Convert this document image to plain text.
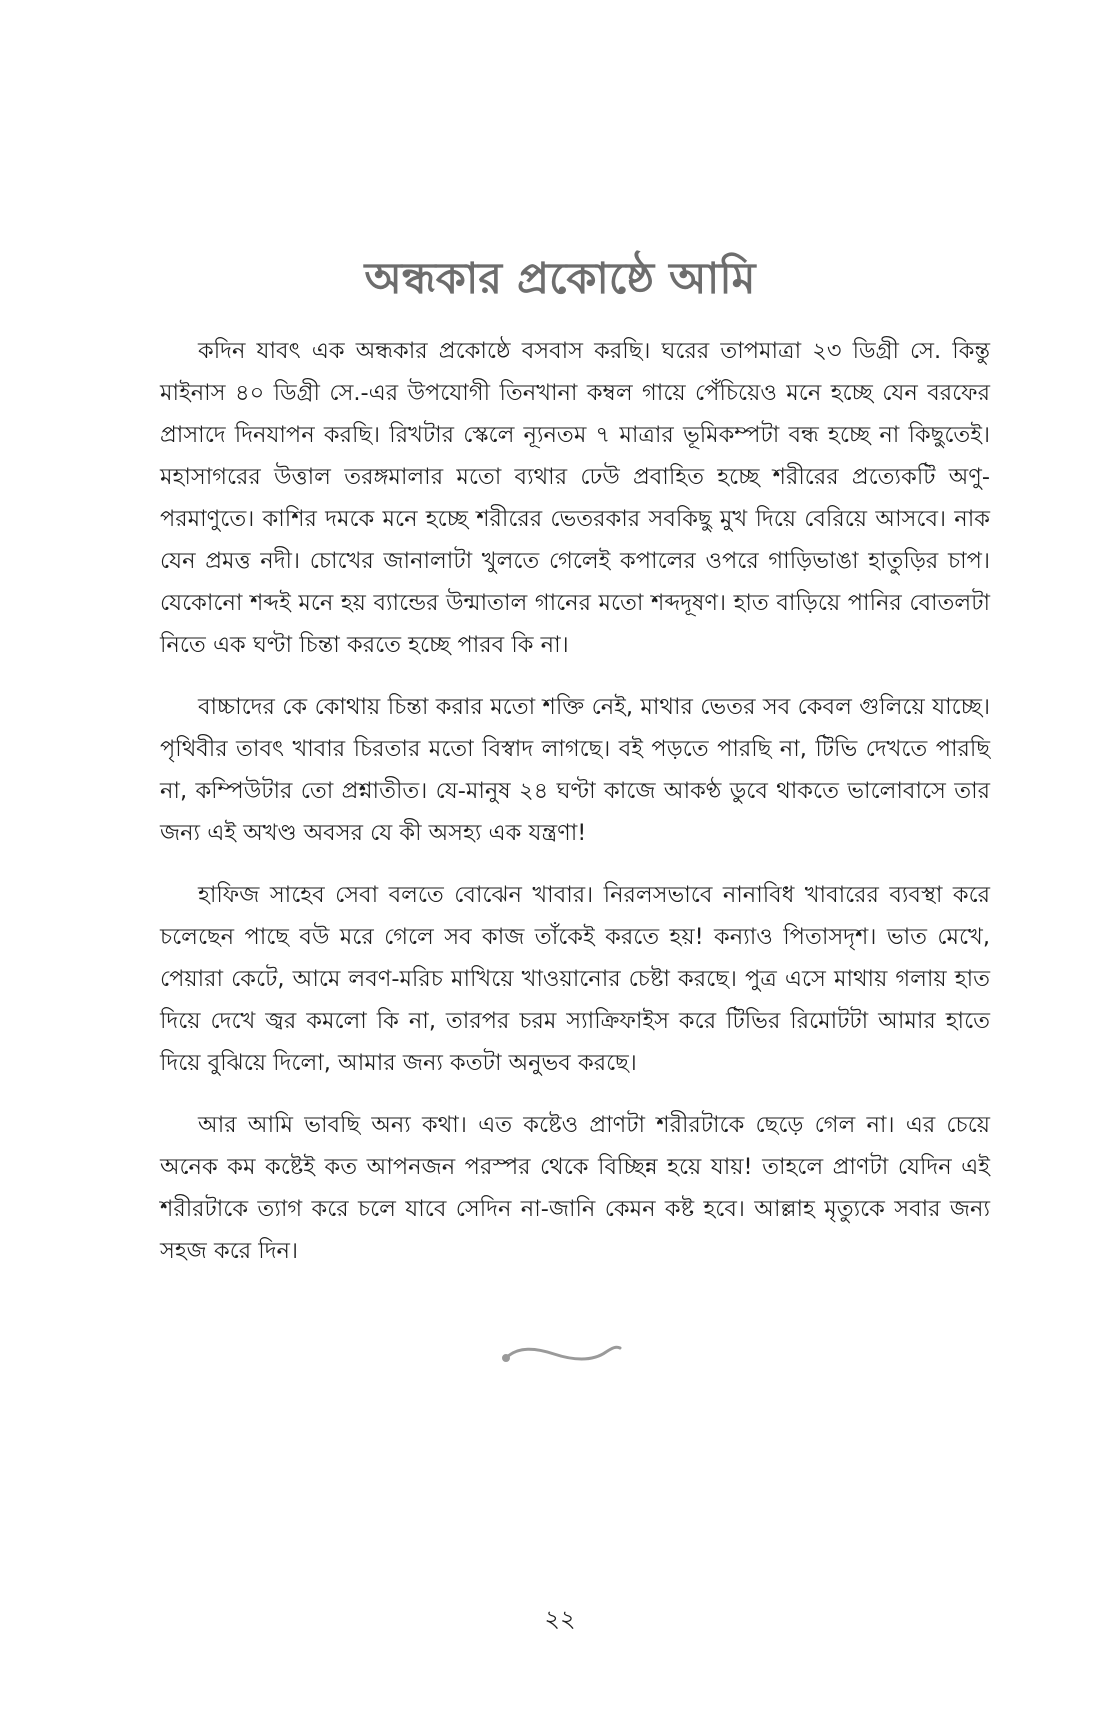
অন্ধকার প্রকোষ্ঠে আমি

কদিন যাবৎ এক অন্ধকার প্রকোষ্ঠে বসবাস করছি। ঘরের তাপমাত্রা ২৩ ডিগ্রী সে. কিন্তু মাইনাস ৪০ ডিগ্রী সে.-এর উপযোগী তিনখানা কম্বল গায়ে পেঁচিয়েও মনে হচ্ছে যেন বরফের প্রাসাদে দিনযাপন করছি। রিখটার স্কেলে ন্যূনতম ৭ মাত্রার ভূমিকম্পটা বন্ধ হচ্ছে না কিছুতেই। মহাসাগরের উত্তাল তরঙ্গমালার মতো ব্যথার ঢেউ প্রবাহিত হচ্ছে শরীরের প্রত্যেকটি অণু-পরমাণুতে। কাশির দমকে মনে হচ্ছে শরীরের ভেতরকার সবকিছু মুখ দিয়ে বেরিয়ে আসবে। নাক যেন প্রমত্ত নদী। চোখের জানালাটা খুলতে গেলেই কপালের ওপরে গাড়িভাঙা হাতুড়ির চাপ। যেকোনো শব্দই মনে হয় ব্যান্ডের উন্মাতাল গানের মতো শব্দদূষণ। হাত বাড়িয়ে পানির বোতলটা নিতে এক ঘণ্টা চিন্তা করতে হচ্ছে পারব কি না।

বাচ্চাদের কে কোথায় চিন্তা করার মতো শক্তি নেই, মাথার ভেতর সব কেবল গুলিয়ে যাচ্ছে। পৃথিবীর তাবৎ খাবার চিরতার মতো বিস্বাদ লাগছে। বই পড়তে পারছি না, টিভি দেখতে পারছি না, কম্পিউটার তো প্রশ্নাতীত। যে-মানুষ ২৪ ঘণ্টা কাজে আকণ্ঠ ডুবে থাকতে ভালোবাসে তার জন্য এই অখণ্ড অবসর যে কী অসহ্য এক যন্ত্রণা!

হাফিজ সাহেব সেবা বলতে বোঝেন খাবার। নিরলসভাবে নানাবিধ খাবারের ব্যবস্থা করে চলেছেন পাছে বউ মরে গেলে সব কাজ তাঁকেই করতে হয়! কন্যাও পিতাসদৃশ। ভাত মেখে, পেয়ারা কেটে, আমে লবণ-মরিচ মাখিয়ে খাওয়ানোর চেষ্টা করছে। পুত্র এসে মাথায় গলায় হাত দিয়ে দেখে জ্বর কমলো কি না, তারপর চরম স্যাক্রিফাইস করে টিভির রিমোটটা আমার হাতে দিয়ে বুঝিয়ে দিলো, আমার জন্য কতটা অনুভব করছে।

আর আমি ভাবছি অন্য কথা। এত কষ্টেও প্রাণটা শরীরটাকে ছেড়ে গেল না। এর চেয়ে অনেক কম কষ্টেই কত আপনজন পরস্পর থেকে বিচ্ছিন্ন হয়ে যায়! তাহলে প্রাণটা যেদিন এই শরীরটাকে ত্যাগ করে চলে যাবে সেদিন না-জানি কেমন কষ্ট হবে। আল্লাহ মৃত্যুকে সবার জন্য সহজ করে দিন।

২২
